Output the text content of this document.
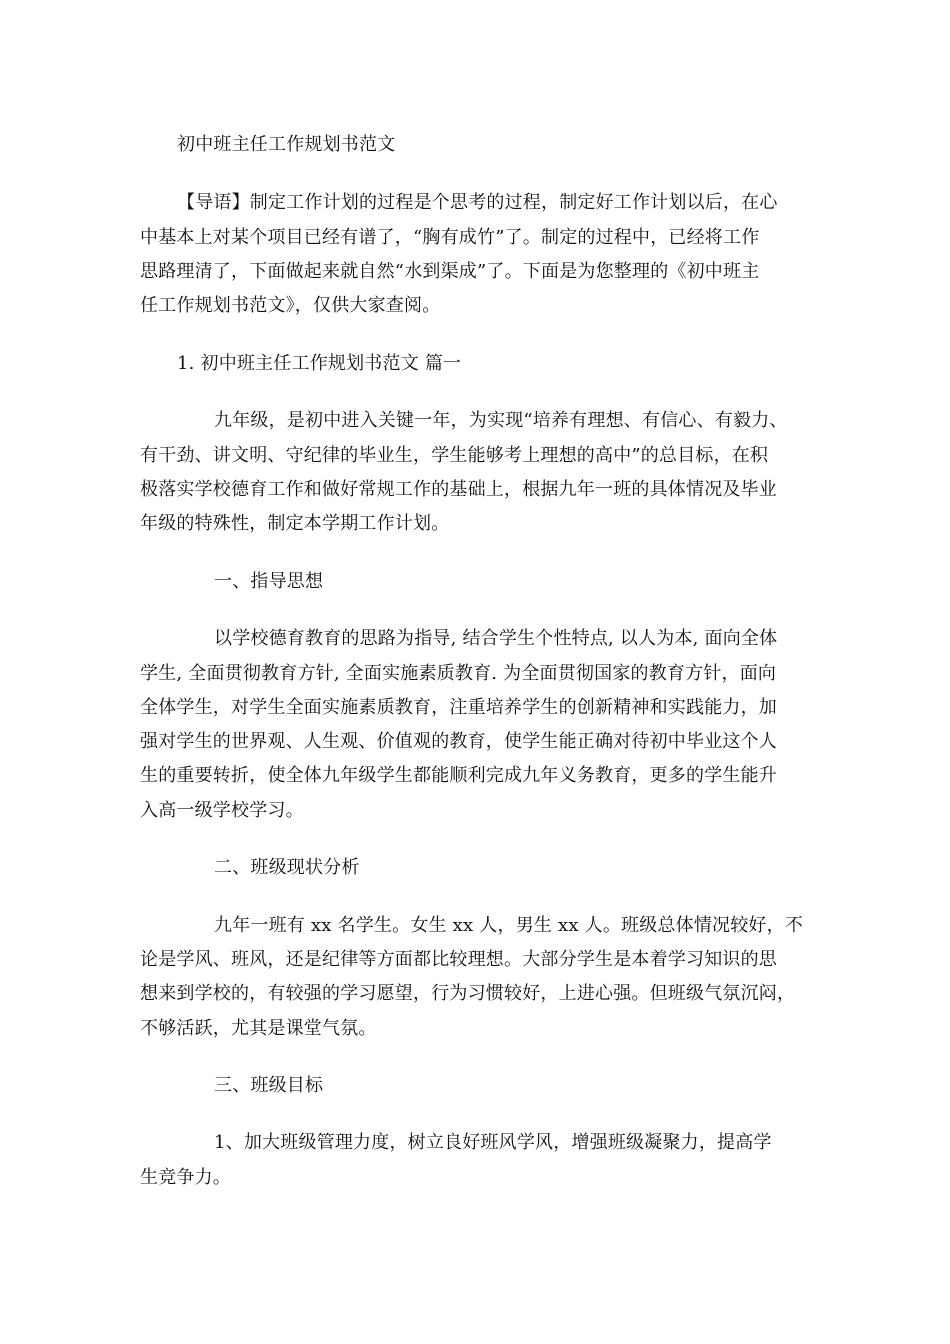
初中班主任工作规划书范文

【导语】制定工作计划的过程是个思考的过程，制定好工作计划以后，在心

中基本上对某个项目已经有谱了，“胸有成竹”了。制定的过程中，已经将工作

思路理清了，下面做起来就自然“水到渠成”了。下面是为您整理的《初中班主

任工作规划书范文》，仅供大家查阅。

1. 初中班主任工作规划书范文 篇一

九年级，是初中进入关键一年，为实现“培养有理想、有信心、有毅力、

有干劲、讲文明、守纪律的毕业生，学生能够考上理想的高中”的总目标，在积

极落实学校德育工作和做好常规工作的基础上，根据九年一班的具体情况及毕业

年级的特殊性，制定本学期工作计划。

一、指导思想

以学校德育教育的思路为指导, 结合学生个性特点, 以人为本, 面向全体

学生, 全面贯彻教育方针, 全面实施素质教育. 为全面贯彻国家的教育方针，面向

全体学生，对学生全面实施素质教育，注重培养学生的创新精神和实践能力，加

强对学生的世界观、人生观、价值观的教育，使学生能正确对待初中毕业这个人

生的重要转折，使全体九年级学生都能顺利完成九年义务教育，更多的学生能升

入高一级学校学习。

二、班级现状分析

九年一班有 xx 名学生。女生 xx 人，男生 xx 人。班级总体情况较好，不

论是学风、班风，还是纪律等方面都比较理想。大部分学生是本着学习知识的思

想来到学校的，有较强的学习愿望，行为习惯较好，上进心强。但班级气氛沉闷，

不够活跃，尤其是课堂气氛。

三、班级目标

1、加大班级管理力度，树立良好班风学风，增强班级凝聚力，提高学

生竞争力。
